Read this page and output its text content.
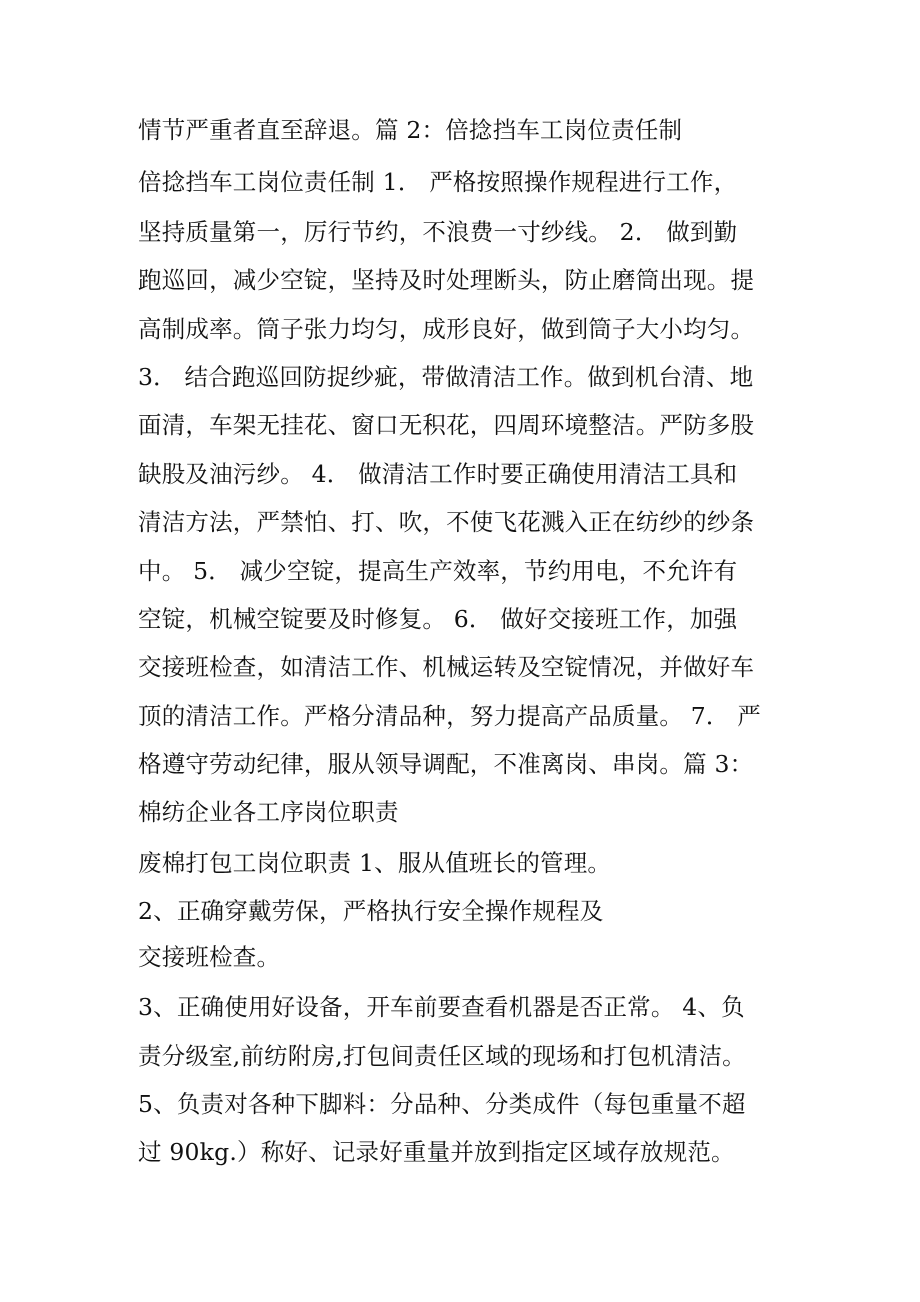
情节严重者直至辞退。篇 2：倍捻挡车工岗位责任制
倍捻挡车工岗位责任制 1． 严格按照操作规程进行工作，
坚持质量第一，厉行节约，不浪费一寸纱线。 2． 做到勤
跑巡回，减少空锭，坚持及时处理断头，防止磨筒出现。提
高制成率。筒子张力均匀，成形良好，做到筒子大小均匀。
3． 结合跑巡回防捉纱疵，带做清洁工作。做到机台清、地
面清，车架无挂花、窗口无积花，四周环境整洁。严防多股
缺股及油污纱。 4． 做清洁工作时要正确使用清洁工具和
清洁方法，严禁怕、打、吹，不使飞花溅入正在纺纱的纱条
中。 5． 减少空锭，提高生产效率，节约用电，不允许有
空锭，机械空锭要及时修复。 6． 做好交接班工作，加强
交接班检查，如清洁工作、机械运转及空锭情况，并做好车
顶的清洁工作。严格分清品种，努力提高产品质量。 7． 严
格遵守劳动纪律，服从领导调配，不准离岗、串岗。篇 3：
棉纺企业各工序岗位职责
废棉打包工岗位职责 1、服从值班长的管理。
2、正确穿戴劳保，严格执行安全操作规程及
交接班检查。
3、正确使用好设备，开车前要查看机器是否正常。 4、负
责分级室,前纺附房,打包间责任区域的现场和打包机清洁。
5、负责对各种下脚料：分品种、分类成件（每包重量不超
过 90kg.）称好、记录好重量并放到指定区域存放规范。
